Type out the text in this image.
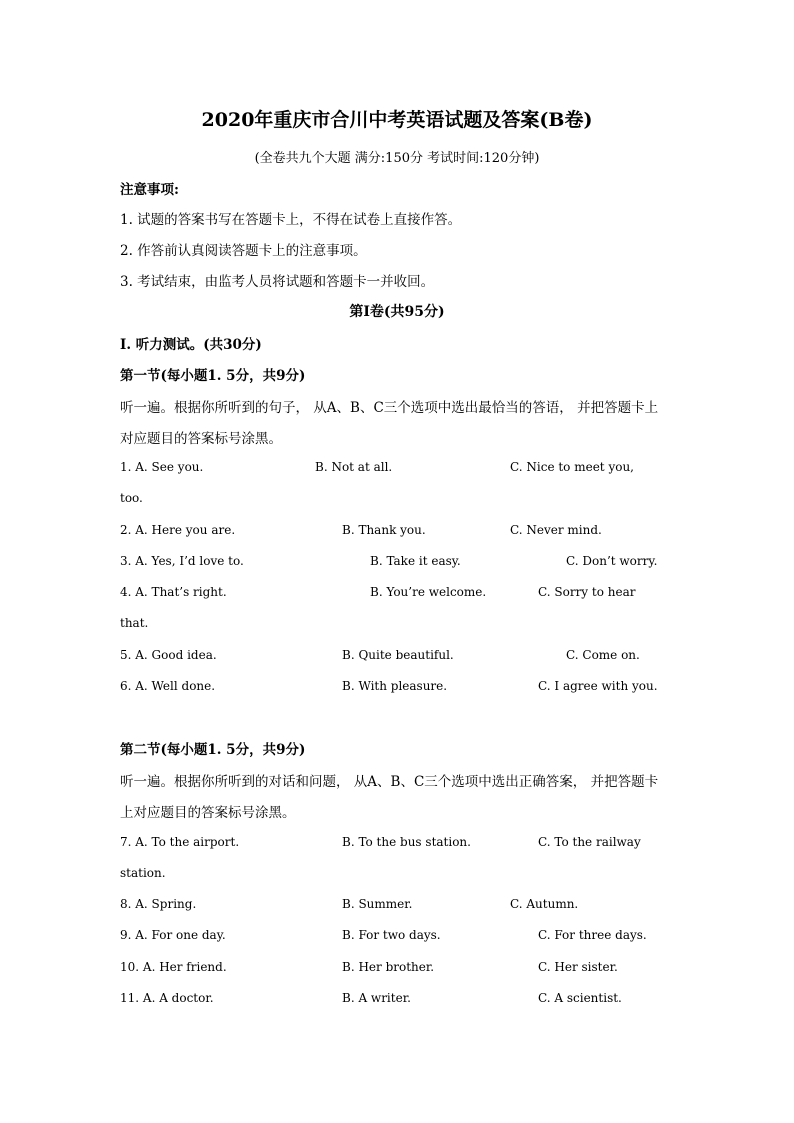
2020年重庆市合川中考英语试题及答案(B卷)
(全卷共九个大题 满分:150分 考试时间:120分钟)
注意事项:
1. 试题的答案书写在答题卡上，不得在试卷上直接作答。
2. 作答前认真阅读答题卡上的注意事项。
3. 考试结束，由监考人员将试题和答题卡一并收回。
第Ⅰ卷(共95分)
I. 听力测试。(共30分)
第一节(每小题1. 5分，共9分)
听一遍。根据你所听到的句子， 从A、B、C三个选项中选出最恰当的答语， 并把答题卡上
对应题目的答案标号涂黑。
1. A. See you.	B. Not at all.	C. Nice to meet you,
too.
2. A. Here you are.	B. Thank you.	C. Never mind.
3. A. Yes, I’d love to.	B. Take it easy.	C. Don’t worry.
4. A. That’s right.	B. You’re welcome.	C. Sorry to hear
that.
5. A. Good idea.	B. Quite beautiful.	C. Come on.
6. A. Well done.	B. With pleasure.	C. I agree with you.
第二节(每小题1. 5分，共9分)
听一遍。根据你所听到的对话和问题， 从A、B、C三个选项中选出正确答案， 并把答题卡
上对应题目的答案标号涂黑。
7. A. To the airport.	B. To the bus station.	C. To the railway
station.
8. A. Spring.	B. Summer.	C. Autumn.
9. A. For one day.	B. For two days.	C. For three days.
10. A. Her friend.	B. Her brother.	C. Her sister.
11. A. A doctor.	B. A writer.	C. A scientist.
